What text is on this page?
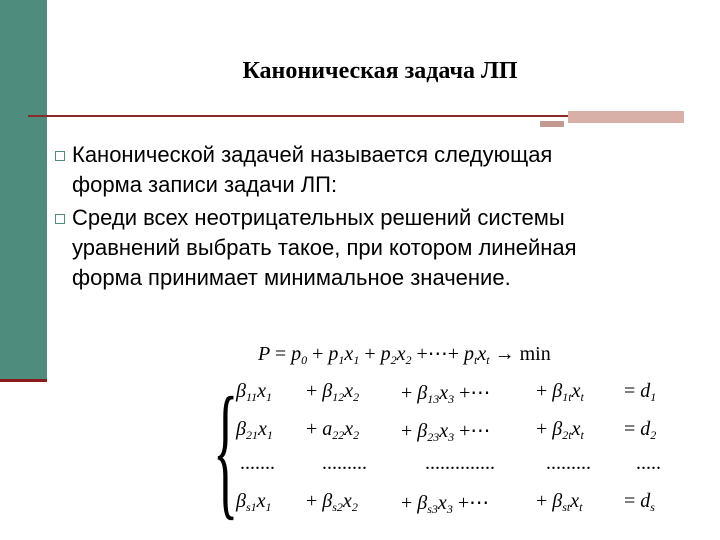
Каноническая задача ЛП
Канонической задачей называется следующая
форма записи задачи ЛП:
Среди всех неотрицательных решений системы
уравнений выбрать такое, при котором линейная
форма принимает минимальное значение.
$P = p_0 + p_1x_1 + p_2x_2$ +⋯+ $p_tx_t \to \min$
{
$\beta_{11}x_1 + \beta_{12}x_2 + \beta_{13}x_3$ +⋯ + $\beta_{1t}x_t = d_1$
$\beta_{21}x_1 + a_{22}x_2 + \beta_{23}x_3$ +⋯ + $\beta_{2t}x_t = d_2$
....... .........	..............	......... .....
$\beta_{s1}x_1 + \beta_{s2}x_2 + \beta_{s3}x_3$ +⋯ + $\beta_{st}x_t = d_s$
